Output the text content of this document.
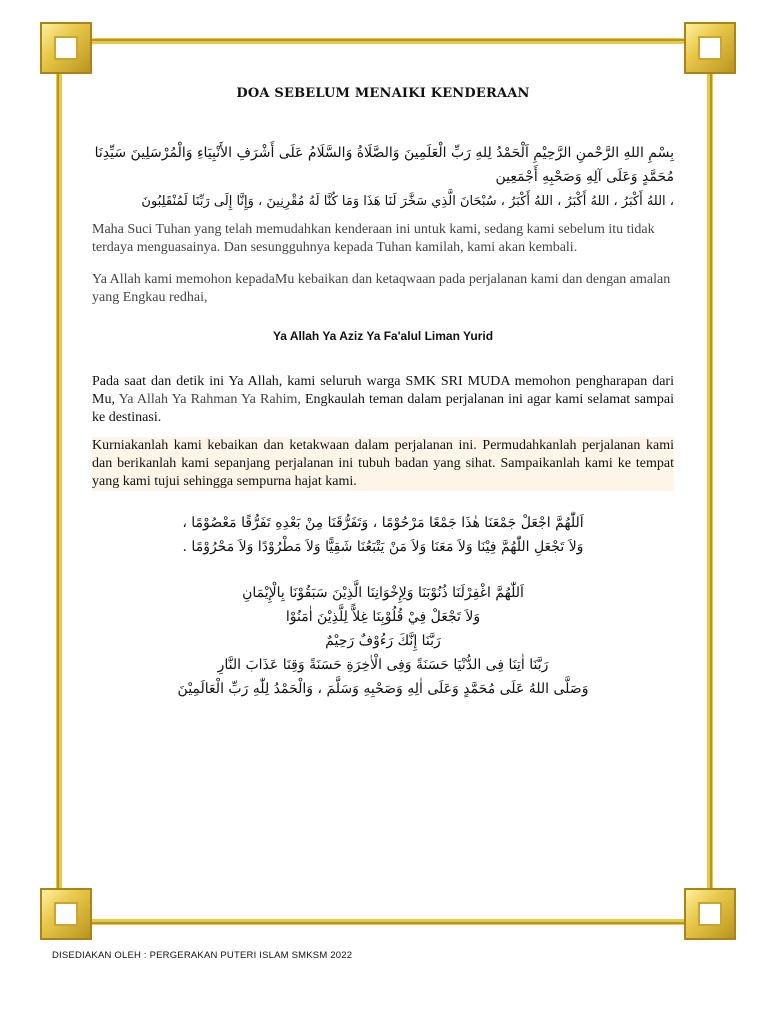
DOA SEBELUM MENAIKI KENDERAAN
بِسْمِ اللهِ الرَّحْمنِ الرَّحِيْمِ اَلْحَمْدُ لِلهِ رَبِّ الْعَلَمِينَ وَالصَّلَاةُ وَالسَّلَامُ عَلَى أَشْرَفِ الأَنْبِيَاءِ وَالْمُرْسَلِينَ سَيِّدِنَا مُحَمَّدٍ وَعَلَى آلِهِ وَصَحْبِهِ أَجْمَعِين
، اللهُ أَكْبَرُ ، اللهُ أَكْبَرُ ، اللهُ أَكْبَرُ ، سُبْحَانَ الَّذِي سَخَّرَ لَنَا هَذَا وَمَا كُنَّا لَهُ مُقْرِنِينَ ، وَإِنَّا إِلَى رَبِّنَا لَمُنْقَلِبُونَ

Maha Suci Tuhan yang telah memudahkan kenderaan ini untuk kami, sedang kami sebelum itu tidak terdaya menguasainya. Dan sesungguhnya kepada Tuhan kamilah, kami akan kembali.

Ya Allah kami memohon kepadaMu kebaikan dan ketaqwaan pada perjalanan kami dan dengan amalan yang Engkau redhai,

Ya Allah Ya Aziz Ya Fa'alul Liman Yurid

Pada saat dan detik ini Ya Allah, kami seluruh warga SMK SRI MUDA memohon pengharapan dari Mu, Ya Allah Ya Rahman Ya Rahim, Engkaulah teman dalam perjalanan ini agar kami selamat sampai ke destinasi.

Kurniakanlah kami kebaikan dan ketakwaan dalam perjalanan ini. Permudahkanlah perjalanan kami dan berikanlah kami sepanjang perjalanan ini tubuh badan yang sihat. Sampaikanlah kami ke tempat yang kami tujui sehingga sempurna hajat kami.

اَللّٰهُمَّ اجْعَلْ جَمْعَنَا هٰذَا جَمْعًا مَرْحُوْمًا ، وَتَفَرُّقَنَا مِنْ بَعْدِهِ تَفَرُّقًا مَعْصُوْمًا ،
وَلاَ تَجْعَلِ اللّٰهُمَّ فِيْنَا وَلاَ مَعَنَا وَلاَ مَنْ يَتْبَعُنَا شَقِيًّا وَلاَ مَطْرُوْدًا وَلاَ مَحْرُوْمًا .
اَللّٰهُمَّ اغْفِرْلَنَا ذُنُوْبَنَا وَلِإِخْوَانِنَا الَّذِيْنَ سَبَقُوْنَا بِالْإِيْمَانِ
وَلاَ تَجْعَلْ فِيْ قُلُوْبِنَا غِلاًّ لِلَّذِيْنَ اٰمَنُوْا
رَبَّنَا إِنَّكَ رَءُوْفٌ رَحِيْمٌ
رَبَّنَا اٰتِنَا فِى الدُّنْيَا حَسَنَةً وَفِى الْاٰخِرَةِ حَسَنَةً وَقِنَا عَذَابَ النَّارِ
وَصَلَّى اللهُ عَلَى مُحَمَّدٍ وَعَلَى اٰلِهِ وَصَحْبِهِ وَسَلَّمَ ، وَالْحَمْدُ لِلّٰهِ رَبِّ الْعَالَمِيْنَ
DISEDIAKAN OLEH : PERGERAKAN PUTERI ISLAM SMKSM 2022
